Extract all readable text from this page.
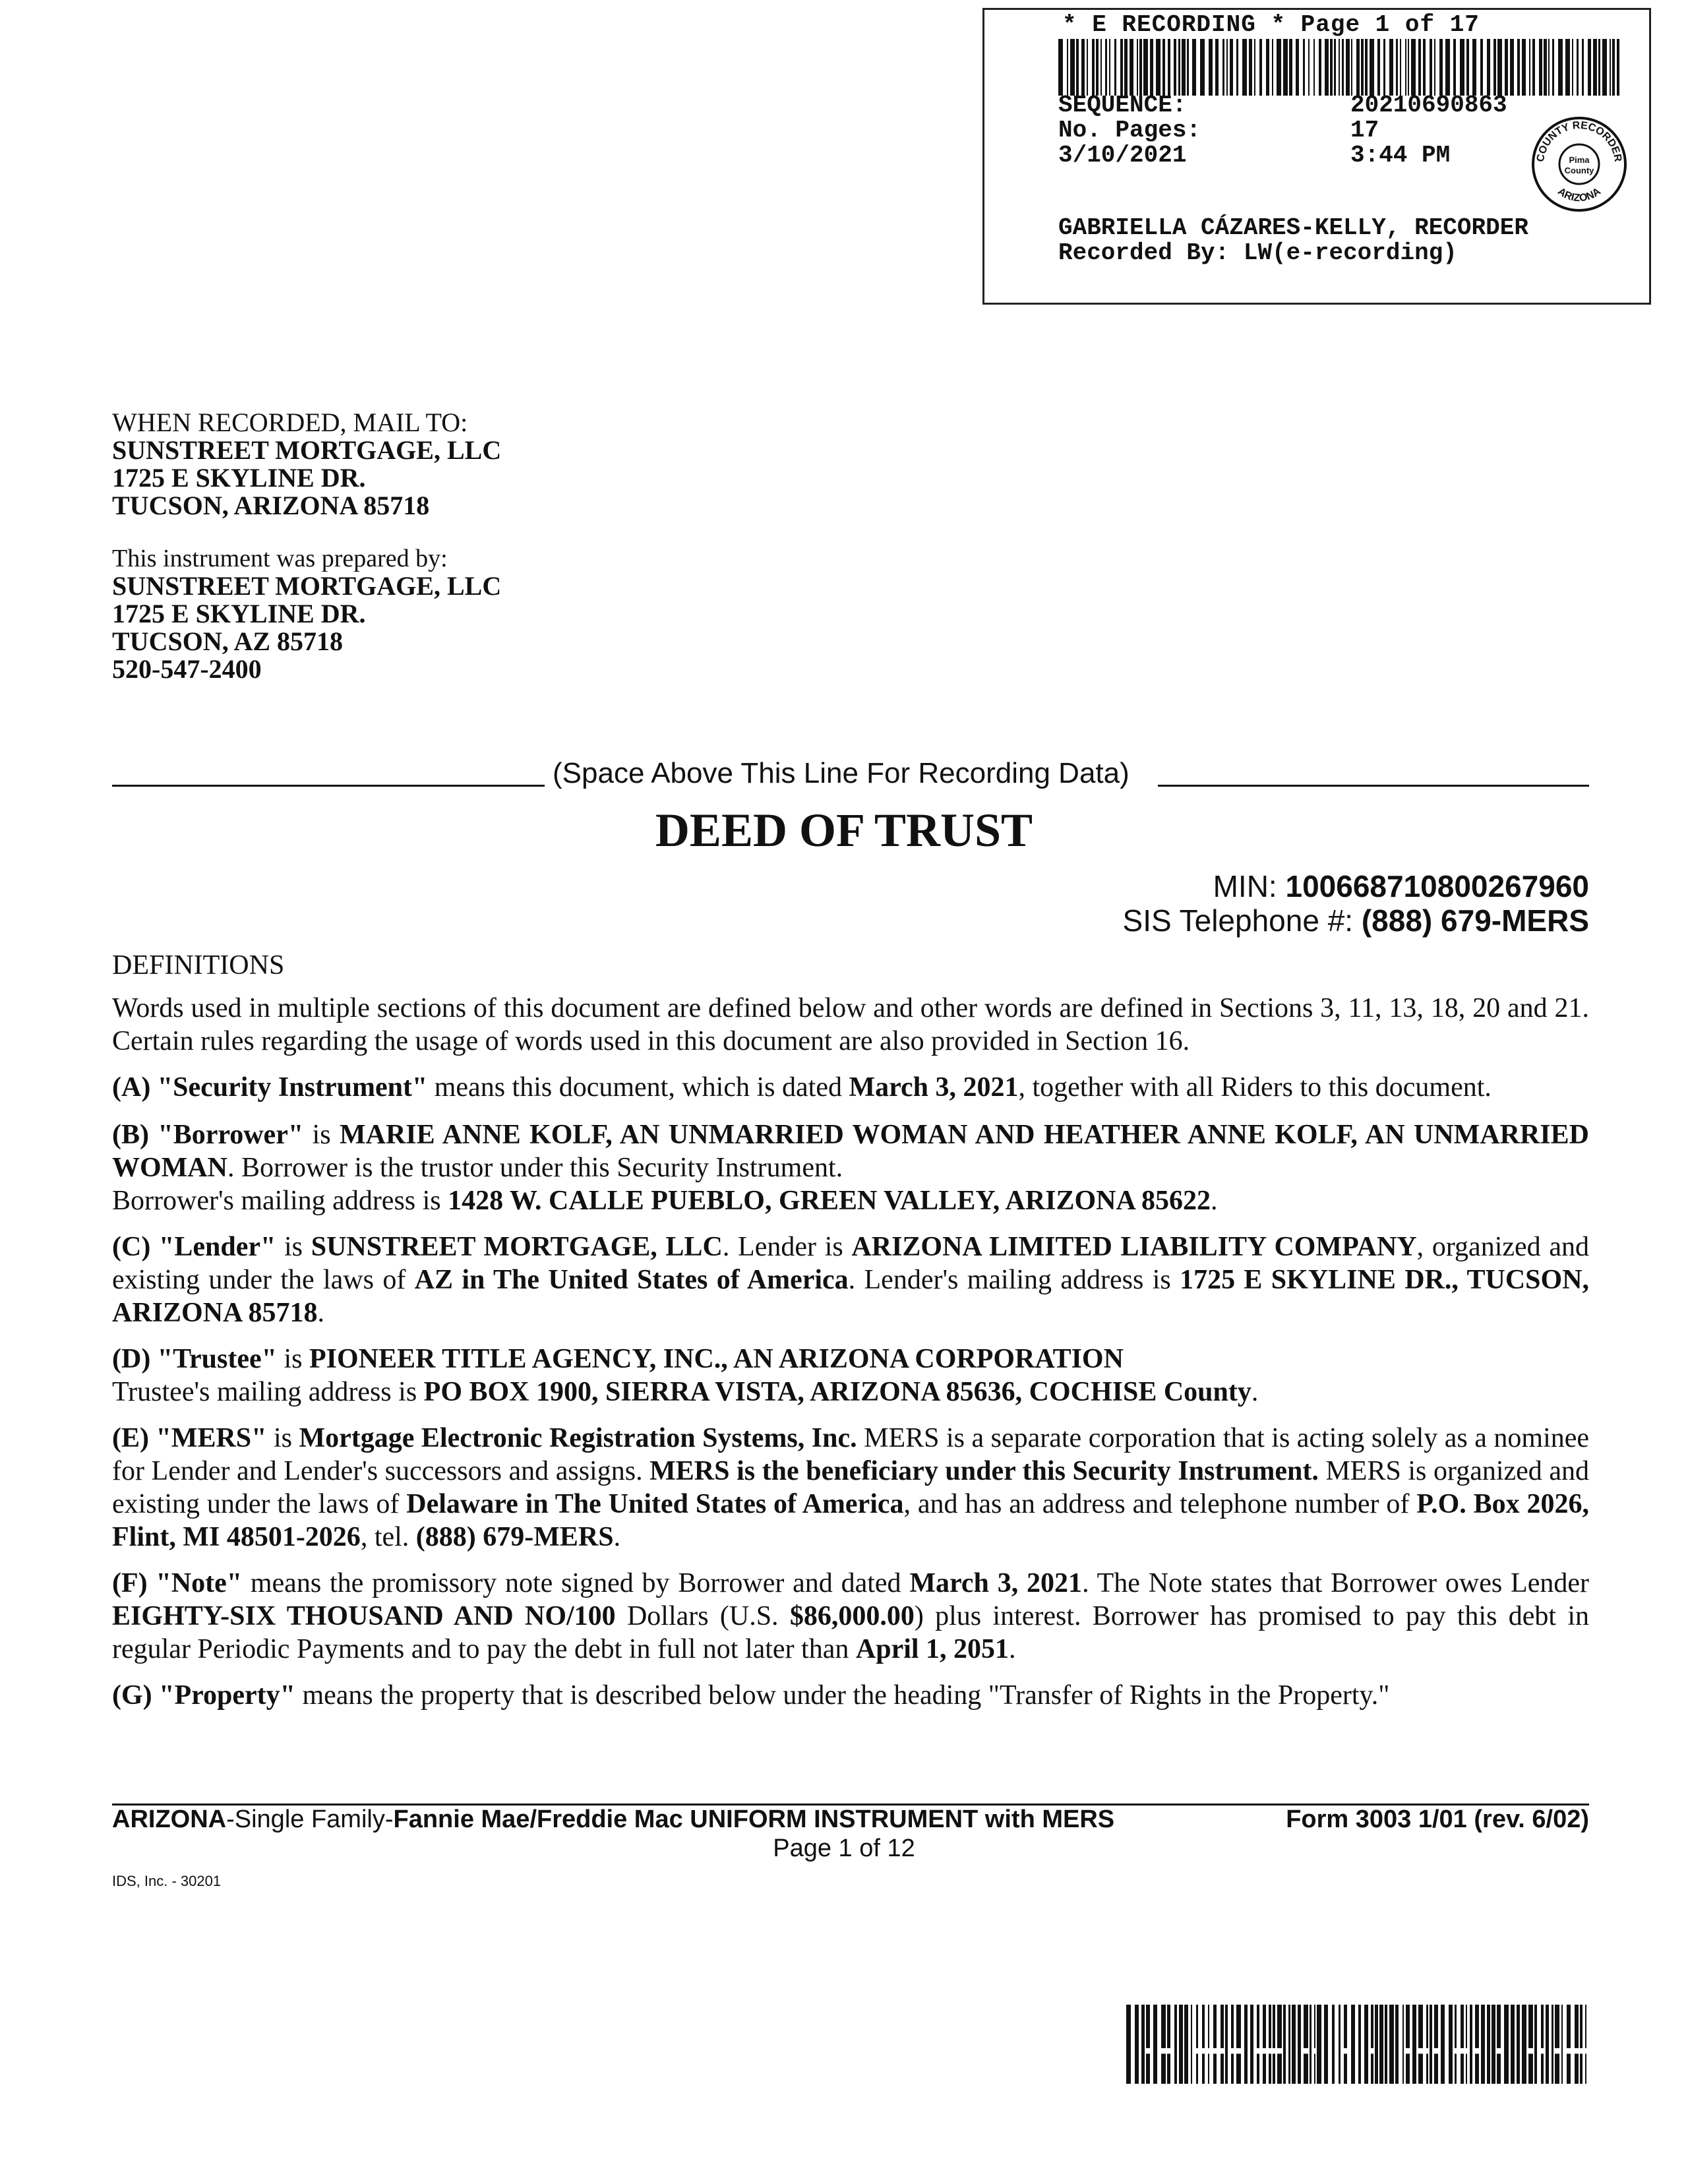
* E RECORDING * Page 1 of 17
SEQUENCE:	20210690863
No. Pages:	17
3/10/2021	3:44 PM
GABRIELLA CÁZARES-KELLY, RECORDER
Recorded By: LW(e-recording)
COUNTY RECORDER
ARIZONA
Pima
County
WHEN RECORDED, MAIL TO:
SUNSTREET MORTGAGE, LLC
1725 E SKYLINE DR.
TUCSON, ARIZONA 85718
This instrument was prepared by:
SUNSTREET MORTGAGE, LLC
1725 E SKYLINE DR.
TUCSON, AZ 85718
520-547-2400
(Space Above This Line For Recording Data)
DEED OF TRUST
MIN: 100668710800267960
SIS Telephone #: (888) 679-MERS
DEFINITIONS
Words used in multiple sections of this document are defined below and other words are defined in Sections 3, 11, 13, 18, 20 and 21. Certain rules regarding the usage of words used in this document are also provided in Section 16.
(A) "Security Instrument" means this document, which is dated March 3, 2021, together with all Riders to this document.
(B) "Borrower" is MARIE ANNE KOLF, AN UNMARRIED WOMAN AND HEATHER ANNE KOLF, AN UNMARRIED WOMAN. Borrower is the trustor under this Security Instrument.
Borrower's mailing address is 1428 W. CALLE PUEBLO, GREEN VALLEY, ARIZONA 85622.
(C) "Lender" is SUNSTREET MORTGAGE, LLC. Lender is ARIZONA LIMITED LIABILITY COMPANY, organized and existing under the laws of AZ in The United States of America. Lender's mailing address is 1725 E SKYLINE DR., TUCSON, ARIZONA 85718.
(D) "Trustee" is PIONEER TITLE AGENCY, INC., AN ARIZONA CORPORATION
Trustee's mailing address is PO BOX 1900, SIERRA VISTA, ARIZONA 85636, COCHISE County.
(E) "MERS" is Mortgage Electronic Registration Systems, Inc. MERS is a separate corporation that is acting solely as a nominee for Lender and Lender's successors and assigns. MERS is the beneficiary under this Security Instrument. MERS is organized and existing under the laws of Delaware in The United States of America, and has an address and telephone number of P.O. Box 2026, Flint, MI 48501-2026, tel. (888) 679-MERS.
(F) "Note" means the promissory note signed by Borrower and dated March 3, 2021. The Note states that Borrower owes Lender EIGHTY-SIX THOUSAND AND NO/100 Dollars (U.S. $86,000.00) plus interest. Borrower has promised to pay this debt in regular Periodic Payments and to pay the debt in full not later than April 1, 2051.
(G) "Property" means the property that is described below under the heading "Transfer of Rights in the Property."
ARIZONA-Single Family-Fannie Mae/Freddie Mac UNIFORM INSTRUMENT with MERS	Form 3003 1/01 (rev. 6/02)
Page 1 of 12
IDS, Inc. - 30201
